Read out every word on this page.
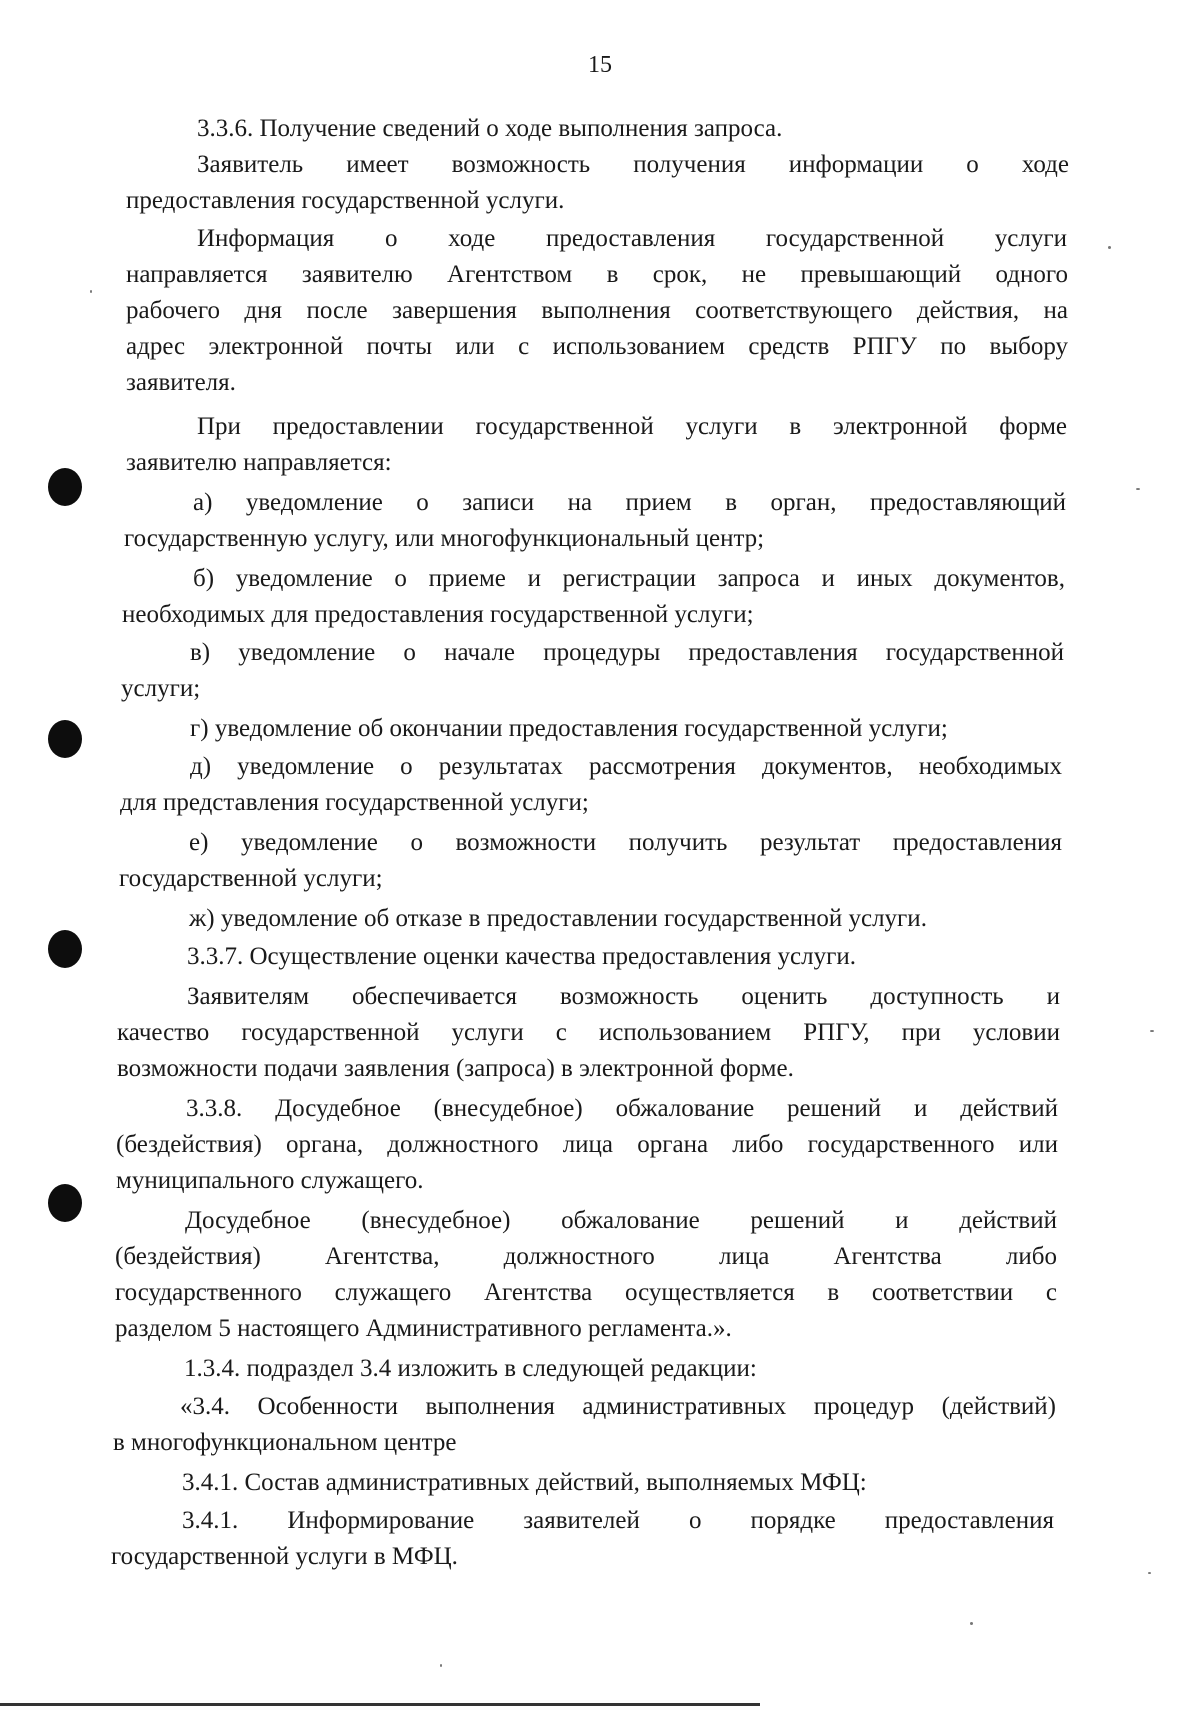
15
3.3.6. Получение сведений о ходе выполнения запроса.
Заявитель имеет возможность получения информации о ходе
предоставления государственной услуги.
Информация о ходе предоставления государственной услуги
направляется заявителю Агентством в срок, не превышающий одного
рабочего дня после завершения выполнения соответствующего действия, на
адрес электронной почты или с использованием средств РПГУ по выбору
заявителя.
При предоставлении государственной услуги в электронной форме
заявителю направляется:
а) уведомление о записи на прием в орган, предоставляющий
государственную услугу, или многофункциональный центр;
б) уведомление о приеме и регистрации запроса и иных документов,
необходимых для предоставления государственной услуги;
в) уведомление о начале процедуры предоставления государственной
услуги;
г) уведомление об окончании предоставления государственной услуги;
д) уведомление о результатах рассмотрения документов, необходимых
для представления государственной услуги;
е) уведомление о возможности получить результат предоставления
государственной услуги;
ж) уведомление об отказе в предоставлении государственной услуги.
3.3.7. Осуществление оценки качества предоставления услуги.
Заявителям обеспечивается возможность оценить доступность и
качество государственной услуги с использованием РПГУ, при условии
возможности подачи заявления (запроса) в электронной форме.
3.3.8. Досудебное (внесудебное) обжалование решений и действий
(бездействия) органа, должностного лица органа либо государственного или
муниципального служащего.
Досудебное (внесудебное) обжалование решений и действий
(бездействия) Агентства, должностного лица Агентства либо
государственного служащего Агентства осуществляется в соответствии с
разделом 5 настоящего Административного регламента.».
1.3.4. подраздел 3.4 изложить в следующей редакции:
«3.4. Особенности выполнения административных процедур (действий)
в многофункциональном центре
3.4.1. Состав административных действий, выполняемых МФЦ:
3.4.1. Информирование заявителей о порядке предоставления
государственной услуги в МФЦ.
